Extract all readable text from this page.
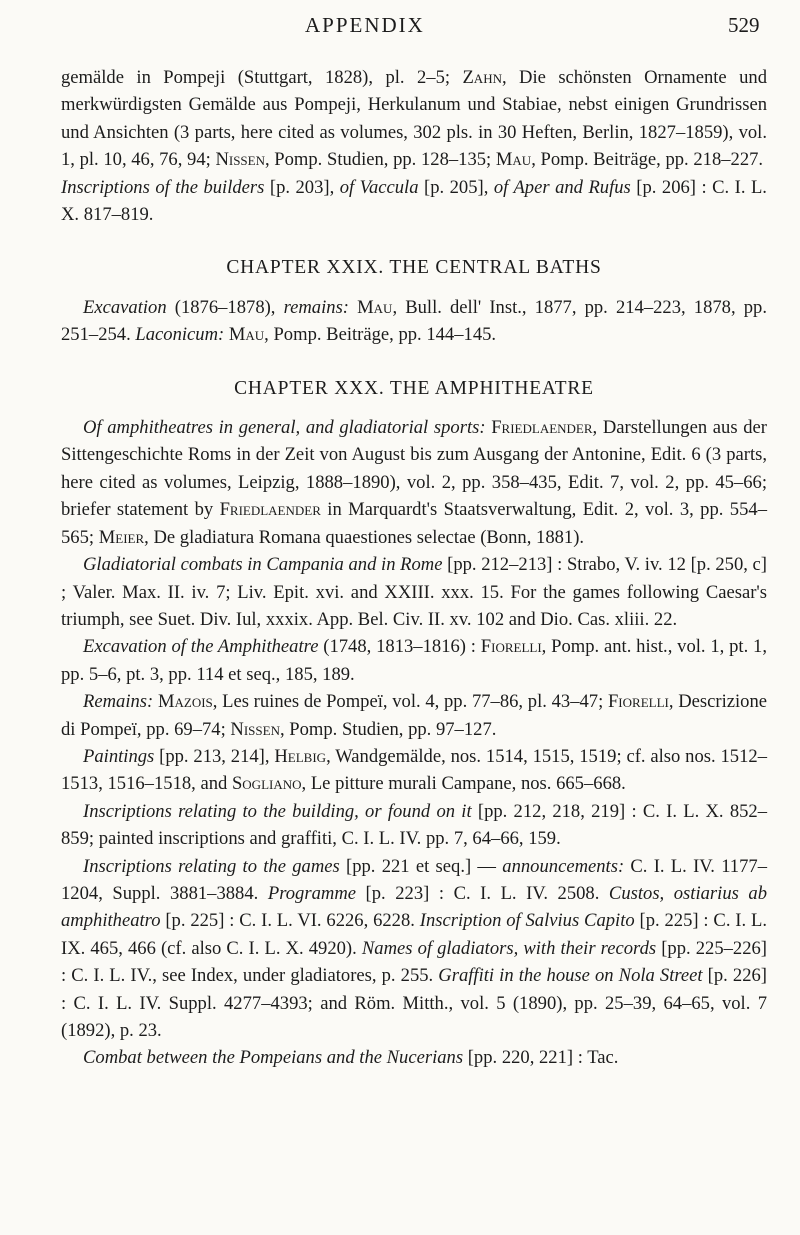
APPENDIX	529

gemälde in Pompeji (Stuttgart, 1828), pl. 2–5; Zahn, Die schönsten Ornamente und merkwürdigsten Gemälde aus Pompeji, Herkulanum und Stabiae, nebst einigen Grundrissen und Ansichten (3 parts, here cited as volumes, 302 pls. in 30 Heften, Berlin, 1827–1859), vol. 1, pl. 10, 46, 76, 94; Nissen, Pomp. Studien, pp. 128–135; Mau, Pomp. Beiträge, pp. 218–227.

Inscriptions of the builders [p. 203], of Vaccula [p. 205], of Aper and Rufus [p. 206] : C. I. L. X. 817–819.

CHAPTER XXIX. THE CENTRAL BATHS

Excavation (1876–1878), remains: Mau, Bull. dell' Inst., 1877, pp. 214–223, 1878, pp. 251–254. Laconicum: Mau, Pomp. Beiträge, pp. 144–145.

CHAPTER XXX. THE AMPHITHEATRE

Of amphitheatres in general, and gladiatorial sports: Friedlaender, Darstellungen aus der Sittengeschichte Roms in der Zeit von August bis zum Ausgang der Antonine, Edit. 6 (3 parts, here cited as volumes, Leipzig, 1888–1890), vol. 2, pp. 358–435, Edit. 7, vol. 2, pp. 45–66; briefer statement by Friedlaender in Marquardt's Staatsverwaltung, Edit. 2, vol. 3, pp. 554–565; Meier, De gladiatura Romana quaestiones selectae (Bonn, 1881).

Gladiatorial combats in Campania and in Rome [pp. 212–213] : Strabo, V. iv. 12 [p. 250, c] ; Valer. Max. II. iv. 7; Liv. Epit. xvi. and XXIII. xxx. 15. For the games following Caesar's triumph, see Suet. Div. Iul, xxxix. App. Bel. Civ. II. xv. 102 and Dio. Cas. xliii. 22.

Excavation of the Amphitheatre (1748, 1813–1816) : Fiorelli, Pomp. ant. hist., vol. 1, pt. 1, pp. 5–6, pt. 3, pp. 114 et seq., 185, 189.

Remains: Mazois, Les ruines de Pompeï, vol. 4, pp. 77–86, pl. 43–47; Fiorelli, Descrizione di Pompeï, pp. 69–74; Nissen, Pomp. Studien, pp. 97–127.

Paintings [pp. 213, 214], Helbig, Wandgemälde, nos. 1514, 1515, 1519; cf. also nos. 1512–1513, 1516–1518, and Sogliano, Le pitture murali Campane, nos. 665–668.

Inscriptions relating to the building, or found on it [pp. 212, 218, 219] : C. I. L. X. 852–859; painted inscriptions and graffiti, C. I. L. IV. pp. 7, 64–66, 159.

Inscriptions relating to the games [pp. 221 et seq.] — announcements: C. I. L. IV. 1177–1204, Suppl. 3881–3884. Programme [p. 223] : C. I. L. IV. 2508. Custos, ostiarius ab amphitheatro [p. 225] : C. I. L. VI. 6226, 6228. Inscription of Salvius Capito [p. 225] : C. I. L. IX. 465, 466 (cf. also C. I. L. X. 4920). Names of gladiators, with their records [pp. 225–226] : C. I. L. IV., see Index, under gladiatores, p. 255. Graffiti in the house on Nola Street [p. 226] : C. I. L. IV. Suppl. 4277–4393; and Röm. Mitth., vol. 5 (1890), pp. 25–39, 64–65, vol. 7 (1892), p. 23.

Combat between the Pompeians and the Nucerians [pp. 220, 221] : Tac.
